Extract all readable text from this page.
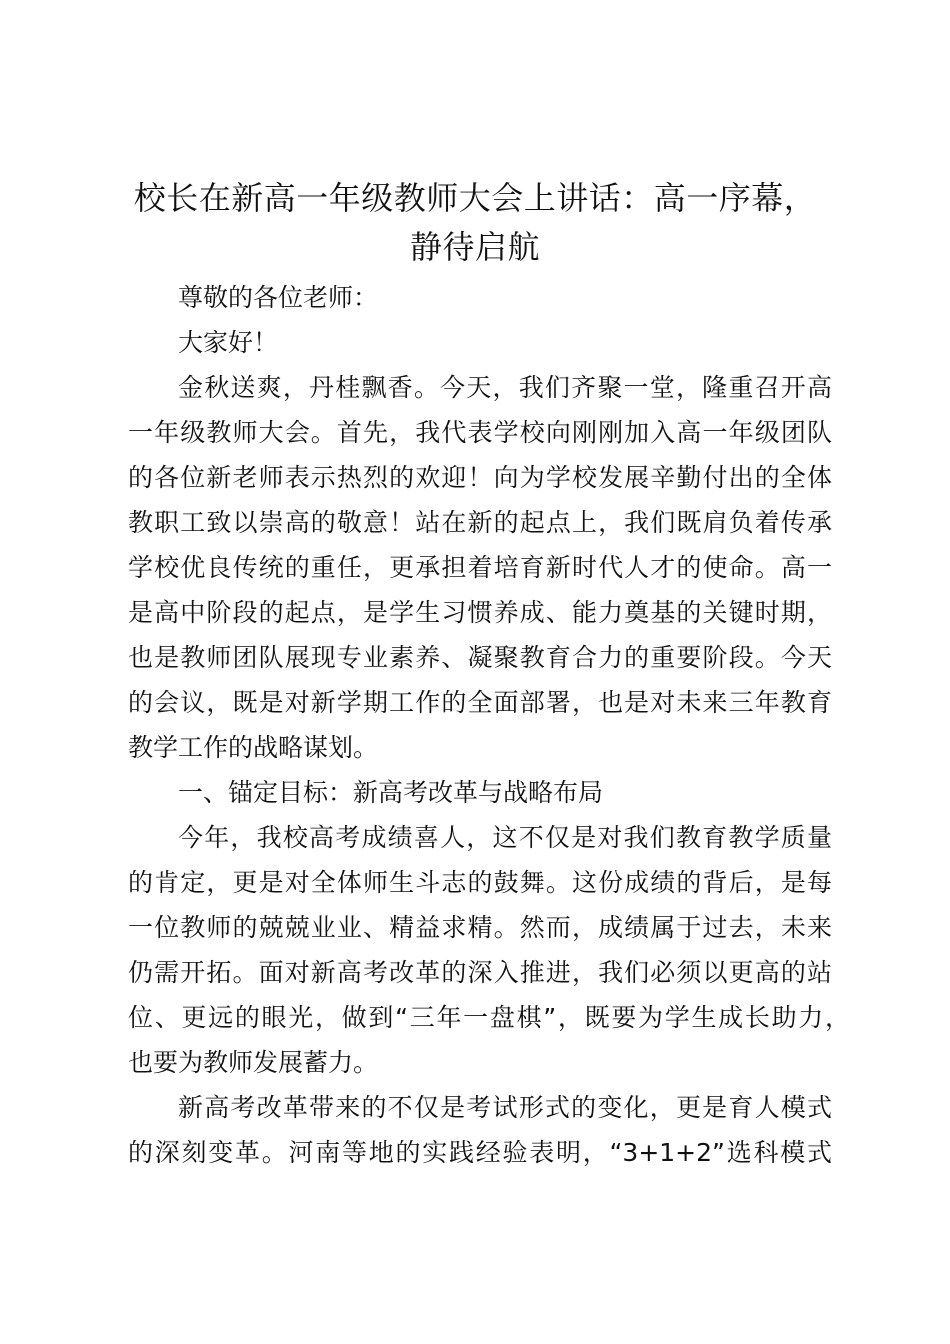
校长在新高一年级教师大会上讲话：高一序幕，
静待启航
尊敬的各位老师：
大家好！
金秋送爽，丹桂飘香。今天，我们齐聚一堂，隆重召开高
一年级教师大会。首先，我代表学校向刚刚加入高一年级团队
的各位新老师表示热烈的欢迎！向为学校发展辛勤付出的全体
教职工致以崇高的敬意！站在新的起点上，我们既肩负着传承
学校优良传统的重任，更承担着培育新时代人才的使命。高一
是高中阶段的起点，是学生习惯养成、能力奠基的关键时期，
也是教师团队展现专业素养、凝聚教育合力的重要阶段。今天
的会议，既是对新学期工作的全面部署，也是对未来三年教育
教学工作的战略谋划。
一、锚定目标：新高考改革与战略布局
今年，我校高考成绩喜人，这不仅是对我们教育教学质量
的肯定，更是对全体师生斗志的鼓舞。这份成绩的背后，是每
一位教师的兢兢业业、精益求精。然而，成绩属于过去，未来
仍需开拓。面对新高考改革的深入推进，我们必须以更高的站
位、更远的眼光，做到“三年一盘棋”，既要为学生成长助力，
也要为教师发展蓄力。
新高考改革带来的不仅是考试形式的变化，更是育人模式
的深刻变革。河南等地的实践经验表明，“3+1+2”选科模式
